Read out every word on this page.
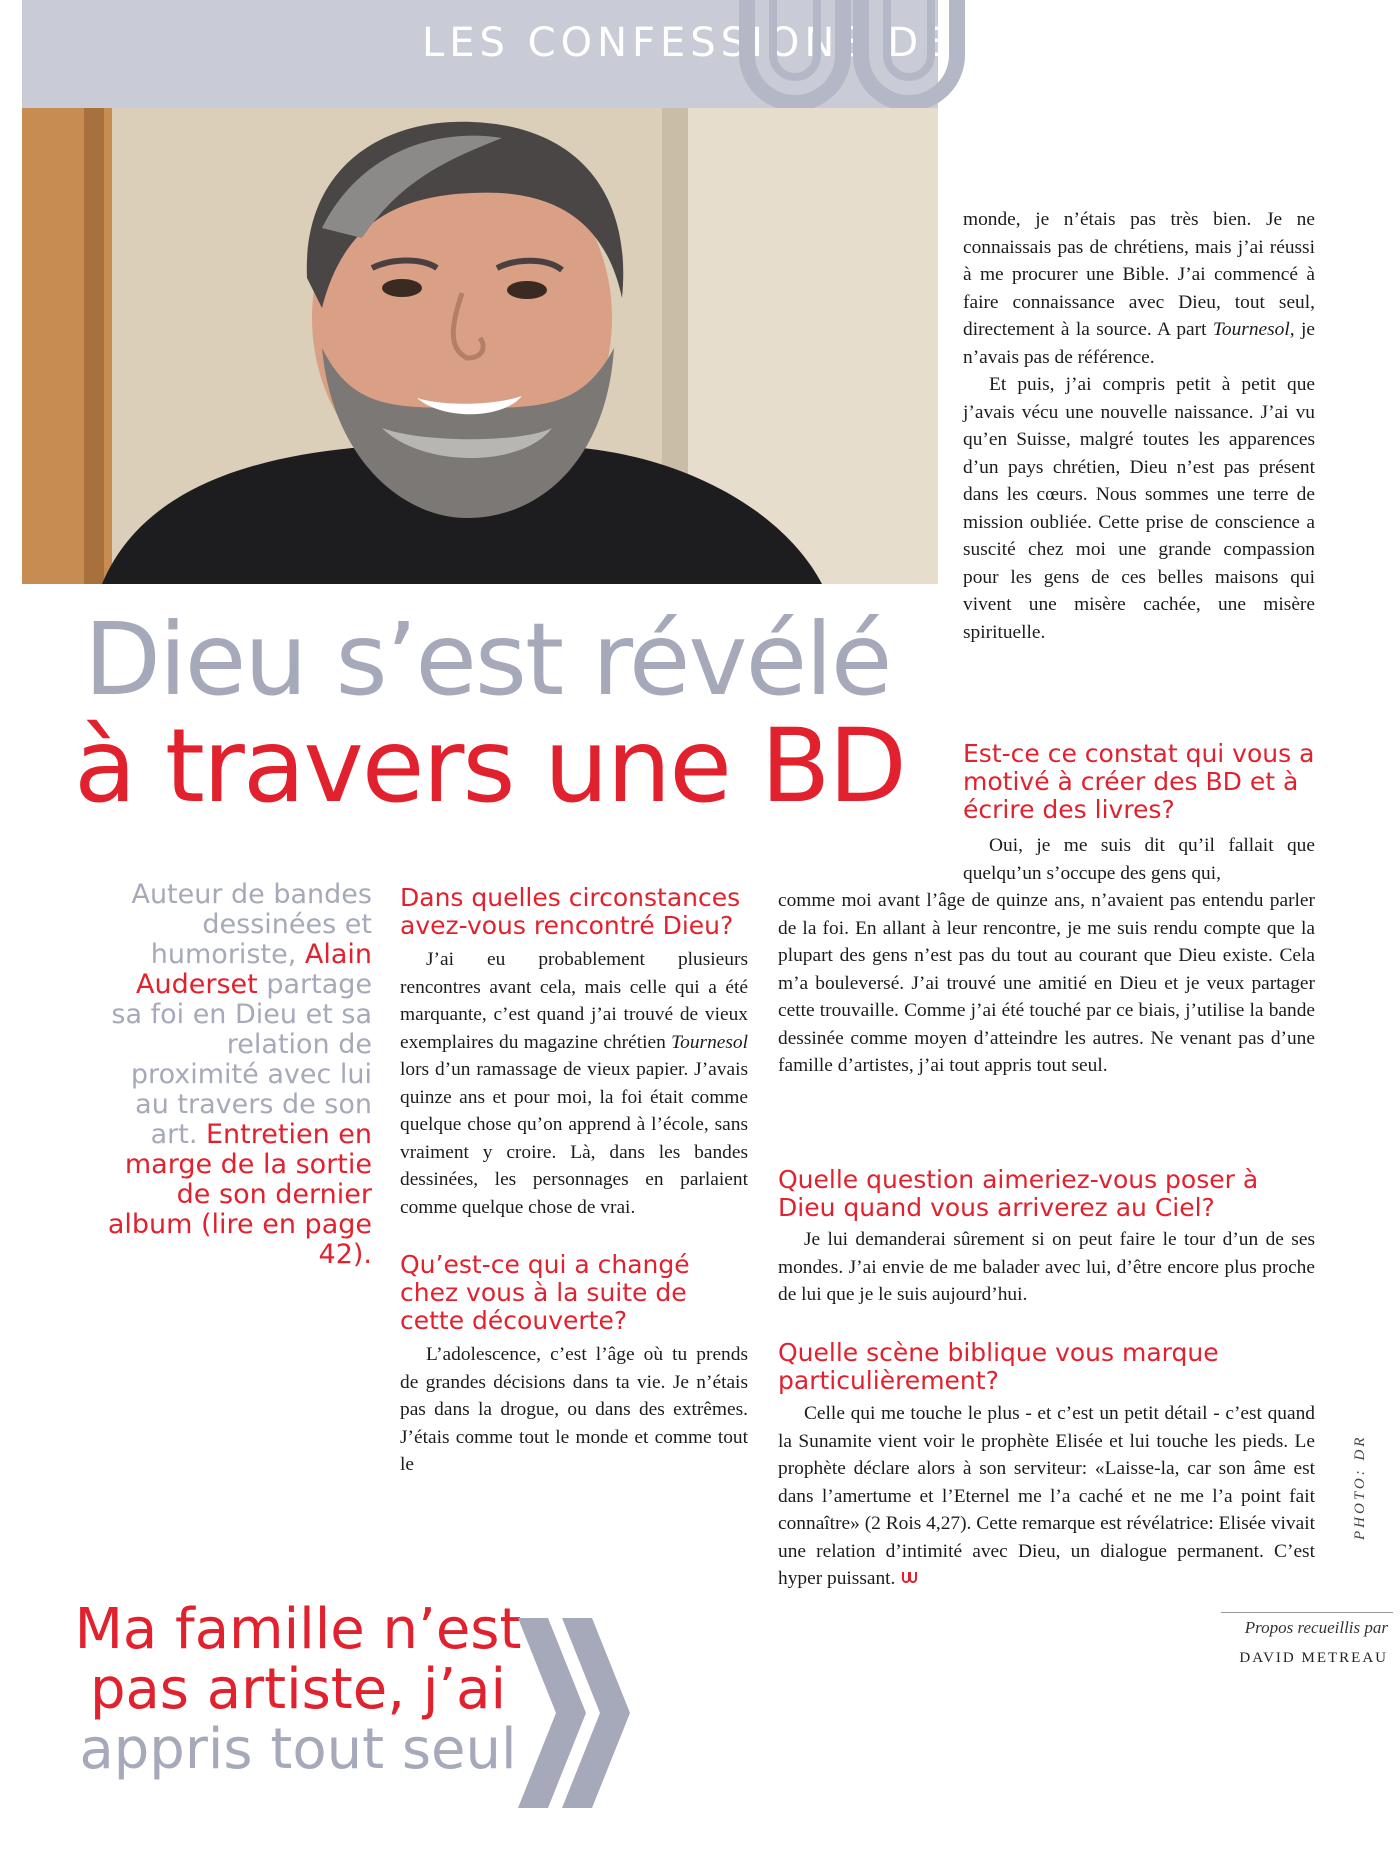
LES CONFESSIONS DE...
Dieu s’est révélé
à travers une BD
Auteur de bandes dessinées et humoriste, Alain Auderset partage sa foi en Dieu et sa relation de proximité avec lui au travers de son art. Entretien en marge de la sortie de son dernier album (lire en page 42).
Dans quelles circonstances avez-vous rencontré Dieu?

J’ai eu probablement plusieurs rencontres avant cela, mais celle qui a été marquante, c’est quand j’ai trouvé de vieux exemplaires du magazine chrétien Tournesol lors d’un ramassage de vieux papier. J’avais quinze ans et pour moi, la foi était comme quelque chose qu’on apprend à l’école, sans vraiment y croire. Là, dans les bandes dessinées, les personnages en parlaient comme quelque chose de vrai.

Qu’est-ce qui a changé chez vous à la suite de cette découverte?

L’adolescence, c’est l’âge où tu prends de grandes décisions dans ta vie. Je n’étais pas dans la drogue, ou dans des extrêmes. J’étais comme tout le monde et comme tout le

monde, je n’étais pas très bien. Je ne connaissais pas de chrétiens, mais j’ai réussi à me procurer une Bible. J’ai commencé à faire connaissance avec Dieu, tout seul, directement à la source. A part Tournesol, je n’avais pas de référence.

Et puis, j’ai compris petit à petit que j’avais vécu une nouvelle naissance. J’ai vu qu’en Suisse, malgré toutes les apparences d’un pays chrétien, Dieu n’est pas présent dans les cœurs. Nous sommes une terre de mission oubliée. Cette prise de conscience a suscité chez moi une grande compassion pour les gens de ces belles maisons qui vivent une misère cachée, une misère spirituelle.

Est-ce ce constat qui vous a motivé à créer des BD et à écrire des livres?

Oui, je me suis dit qu’il fallait que quelqu’un s’occupe des gens qui,

comme moi avant l’âge de quinze ans, n’avaient pas entendu parler de la foi. En allant à leur rencontre, je me suis rendu compte que la plupart des gens n’est pas du tout au courant que Dieu existe. Cela m’a bouleversé. J’ai trouvé une amitié en Dieu et je veux partager cette trouvaille. Comme j’ai été touché par ce biais, j’utilise la bande dessinée comme moyen d’atteindre les autres. Ne venant pas d’une famille d’artistes, j’ai tout appris tout seul.

Quelle question aimeriez-vous poser à Dieu quand vous arriverez au Ciel?

Je lui demanderai sûrement si on peut faire le tour d’un de ses mondes. J’ai envie de me balader avec lui, d’être encore plus proche de lui que je le suis aujourd’hui.

Quelle scène biblique vous marque particulièrement?

Celle qui me touche le plus - et c’est un petit détail - c’est quand la Sunamite vient voir le prophète Elisée et lui touche les pieds. Le prophète déclare alors à son serviteur: «Laisse-la, car son âme est dans l’amertume et l’Eternel me l’a caché et ne me l’a point fait connaître» (2 Rois 4,27). Cette remarque est révélatrice: Elisée vivait une relation d’intimité avec Dieu, un dialogue permanent. C’est hyper puissant.

Propos recueillis par
DAVID METREAU
PHOTO: DR
Ma famille n’est
pas artiste, j’ai
appris tout seul
